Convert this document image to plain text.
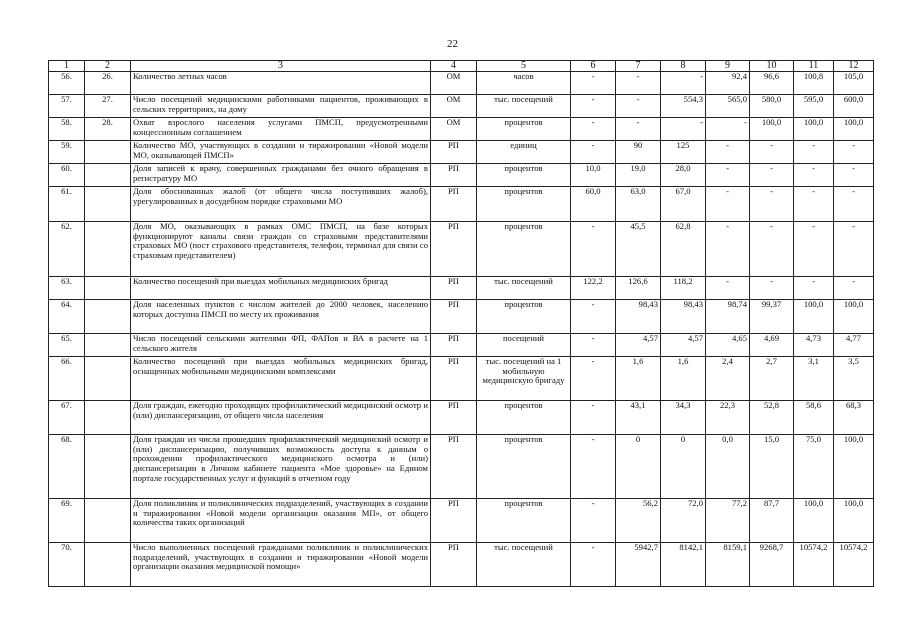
22
1	2	3	4	5	6	7	8	9	10	11	12
56.	26.	Количество летных часов	ОМ	часов	-	-	-	92,4	96,6	100,8	105,0
57.	27.	Число посещений медицинскими работниками пациентов, проживающих в сельских территориях, на дому	ОМ	тыс. посещений	-	-	554,3	565,0	580,0	595,0	600,0
58.	28.	Охват взрослого населения услугами ПМСП, предусмотренными концессионным соглашением	ОМ	процентов	-	-	-	-	100,0	100,0	100,0
59.		Количество МО, участвующих в создании и тиражировании «Новой модели МО, оказывающей ПМСП»	РП	единиц	-	90	125	-	-	-	-
60.		Доля записей к врачу, совершенных гражданами без очного обращения в регистратуру МО	РП	процентов	10,0	19,0	28,0	-	-	-	-
61.		Доля обоснованных жалоб (от общего числа поступивших жалоб), урегулированных в досудебном порядке страховыми МО	РП	процентов	60,0	63,0	67,0	-	-	-	-
62.		Доля МО, оказывающих в рамках ОМС ПМСП, на базе которых функционируют каналы связи граждан со страховыми представителями страховых МО (пост страхового представителя, телефон, терминал для связи со страховым представителем)	РП	процентов	-	45,5	62,8	-	-	-	-
63.		Количество посещений при выездах мобильных медицинских бригад	РП	тыс. посещений	122,2	126,6	118,2	-	-	-	-
64.		Доля населенных пунктов с числом жителей до 2000 человек, населению которых доступна ПМСП по месту их проживания	РП	процентов	-	98,43	98,43	98,74	99,37	100,0	100,0
65.		Число посещений сельскими жителями ФП, ФАПов и ВА в расчете на 1 сельского жителя	РП	посещений	-	4,57	4,57	4,65	4,69	4,73	4,77
66.		Количество посещений при выездах мобильных медицинских бригад, оснащенных мобильными медицинскими комплексами	РП	тыс. посещений на 1 мобильную медицинскую бригаду	-	1,6	1,6	2,4	2,7	3,1	3,5
67.		Доля граждан, ежегодно проходящих профилактический медицинский осмотр и (или) диспансеризацию, от общего числа населения	РП	процентов	-	43,1	34,3	22,3	52,8	58,6	68,3
68.		Доля граждан из числа прошедших профилактический медицинский осмотр и (или) диспансеризацию, получивших возможность доступа к данным о прохождении профилактического медицинского осмотра и (или) диспансеризации в Личном кабинете пациента «Мое здоровье» на Едином портале государственных услуг и функций в отчетном году	РП	процентов	-	0	0	0,0	15,0	75,0	100,0
69.		Доля поликлиник и поликлинических подразделений, участвующих в создании и тиражировании «Новой модели организации оказания МП», от общего количества таких организаций	РП	процентов	-	56,2	72,0	77,2	87,7	100,0	100,0
70.		Число выполненных посещений гражданами поликлиник и поликлинических подразделений, участвующих в создании и тиражировании «Новой модели организации оказания медицинской помощи»	РП	тыс. посещений	-	5942,7	8142,1	8159,1	9268,7	10574,2	10574,2
